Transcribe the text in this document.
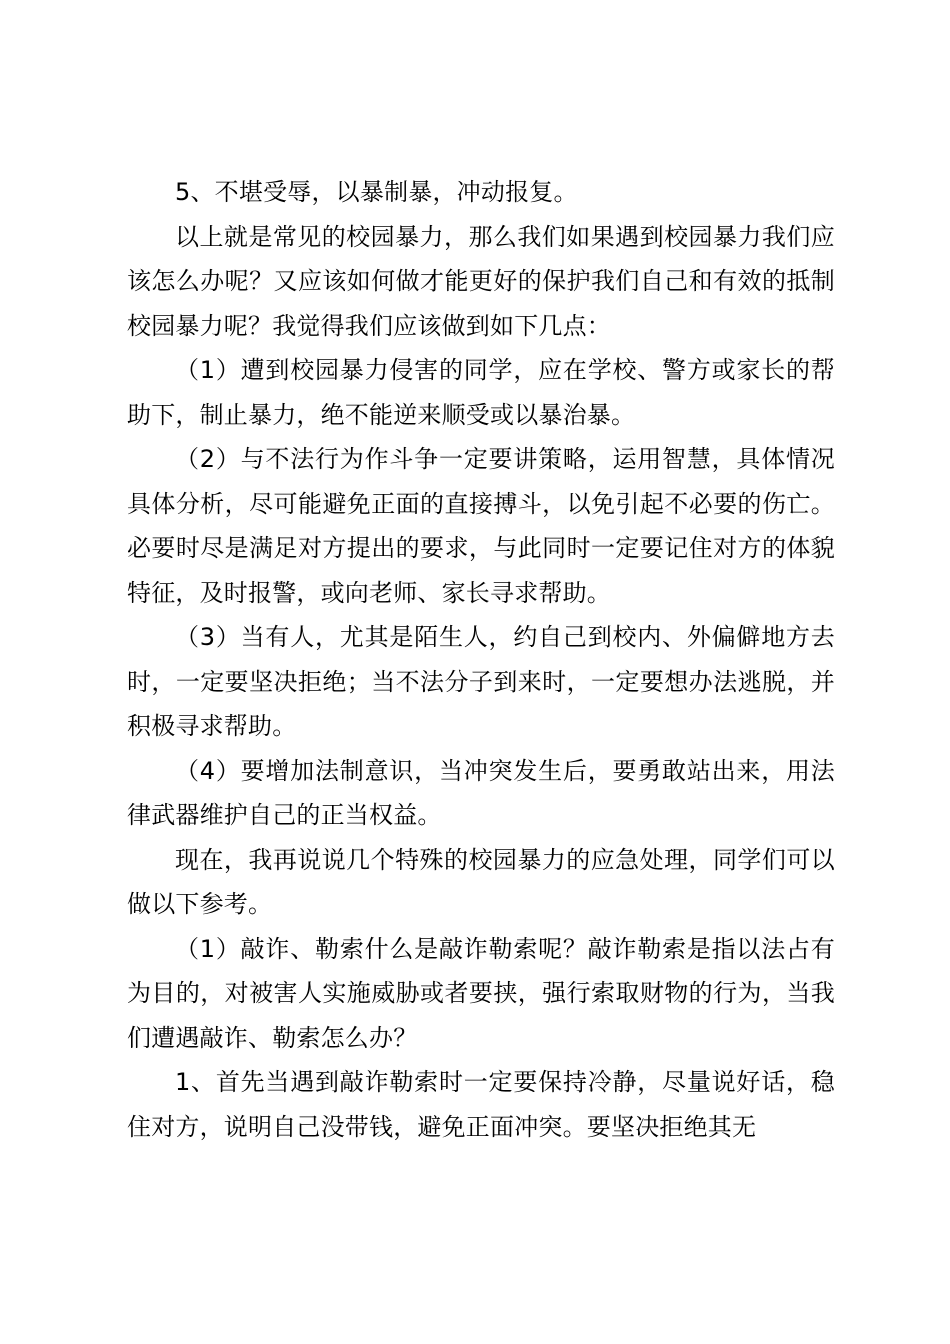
5、不堪受辱，以暴制暴，冲动报复。

以上就是常见的校园暴力，那么我们如果遇到校园暴力我们应该怎么办呢？又应该如何做才能更好的保护我们自己和有效的抵制校园暴力呢？我觉得我们应该做到如下几点：

（1）遭到校园暴力侵害的同学，应在学校、警方或家长的帮助下，制止暴力，绝不能逆来顺受或以暴治暴。

（2）与不法行为作斗争一定要讲策略，运用智慧，具体情况具体分析，尽可能避免正面的直接搏斗，以免引起不必要的伤亡。必要时尽是满足对方提出的要求，与此同时一定要记住对方的体貌特征，及时报警，或向老师、家长寻求帮助。

（3）当有人，尤其是陌生人，约自己到校内、外偏僻地方去时，一定要坚决拒绝；当不法分子到来时，一定要想办法逃脱，并积极寻求帮助。

（4）要增加法制意识，当冲突发生后，要勇敢站出来，用法律武器维护自己的正当权益。

现在，我再说说几个特殊的校园暴力的应急处理，同学们可以做以下参考。

（1）敲诈、勒索什么是敲诈勒索呢？敲诈勒索是指以法占有为目的，对被害人实施威胁或者要挟，强行索取财物的行为，当我们遭遇敲诈、勒索怎么办？

1、首先当遇到敲诈勒索时一定要保持冷静，尽量说好话，稳住对方，说明自己没带钱，避免正面冲突。要坚决拒绝其无
